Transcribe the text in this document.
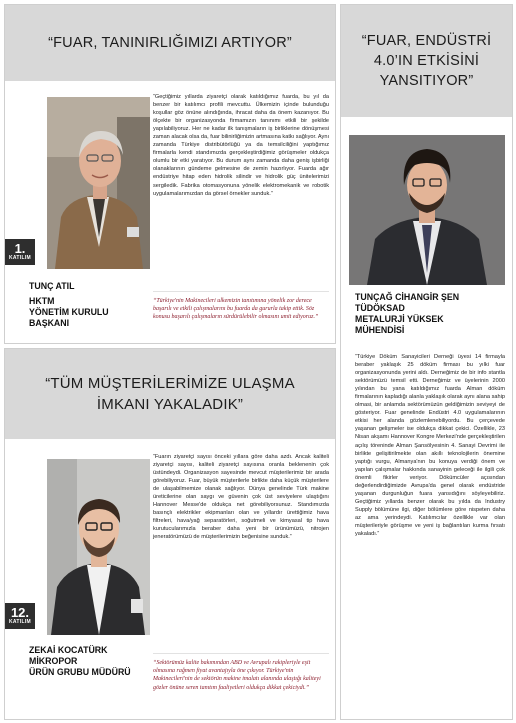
“FUAR, TANINIRLIĞIMIZI ARTIYOR”
1.
KATILIM
TUNÇ ATIL
HKTM
YÖNETİM KURULU
BAŞKANI
“Geçtiğimiz yıllarda ziyaretçi olarak katıldığımız fuarda, bu yıl da benzer bir katılımcı profili mevcuttu. Ülkemizin içinde bulunduğu koşullar göz önüne alındığında, ihracat daha da önem kazanıyor. Bu ölçekte bir organizasyonda firmamızın tanınımı etkili bir şekilde yapılabiliyoruz. Her ne kadar ilk tanışmaların iş birliklerine dönüşmesi zaman alacak olsa da, fuar bilinirliğimizin artmasına katkı sağlıyor. Aynı zamanda Türkiye distribütörlüğü ya da temsilciliğini yaptığımız firmalarla kendi standımızda gerçekleştirdiğimiz görüşmeler oldukça olumlu bir etki yaratıyor. Bu durum aynı zamanda daha geniş işbirliği olanaklarının gündeme gelmesine de zemin hazırlıyor. Fuarda ağır endüstriye hitap eden hidrolik silindir ve hidrolik güç ünitelerimizi sergiledik. Fabrika otomasyonuna yönelik elektromekanik ve robotik uygulamalarımızdan da görsel örnekler sunduk.”
“Türkiye'nin Makinecileri ulkemizin tanıtımına yönelik zor derece başarılı ve etkili çalışmalarını bu fuarda da gururla takip ettik. Söz konusu başarılı çalışmaların sürdürülebilir olmasını umit ediyoruz.”
“TÜM MÜŞTERİLERİMİZE ULAŞMA İMKANI YAKALADIK”
12.
KATILIM
ZEKAİ KOCATÜRK
MİKROPOR
ÜRÜN GRUBU MÜDÜRÜ
“Fuarın ziyaretçi sayısı önceki yıllara göre daha azdı. Ancak kaliteli ziyaretçi sayısı, kaliteli ziyaretçi sayısına oranla beklenenin çok üstündeydi. Organizasyon sayesinde mevcut müşterilerimiz bir arada görebiliyoruz. Fuar, büyük müşterilerle birlikte daha küçük müşterilere de ulaşabilmemize olanak sağlıyor. Dünya genelinde Türk makine üreticilerine olan saygı ve güvenin çok üst seviyelere ulaştığını Hannover Messe'de oldukça net görebiliyorsunuz. Standımızda basınçlı elektrikler ekipmanları olan ve yıllardır ürettiğimiz hava filtreleri, hava/yağ separatörleri, soğutmeli ve kimyasal tip hava kurutucularımızla beraber daha yeni bir ürünümüzü, nitrojen jeneratörümüzü de müşterilerimizin beğenisine sunduk.”
“Sektörümüz kalite bakımından ABD ve Avrupalı rakipleriyle eşit olmasına rağmen fiyat avantajıyla öne çıkıyor. Türkiye'nin Makinecileri'nin de sektörün makine imalatı alanında ulaştığı kaliteyi gözler önüne seren tanıtım faaliyetleri oldukça dikkat çekiciydi.”
“FUAR, ENDÜSTRİ 4.0’IN ETKİSİNİ YANSITIYOR”
TUNÇAĞ CİHANGİR ŞEN
TÜDÖKSAD
METALURJİ YÜKSEK
MÜHENDİSİ
“Türkiye Döküm Sanayicileri Derneği üyesi 14 firmayla beraber yaklaşık 25 döküm firması bu yılki fuar organizasyonunda yerini aldı. Derneğimiz de bir info stantla sektörümüzü temsil etti. Derneğimiz ve üyelerinin 2000 yılından bu yana katıldığımız fuarda Alman döküm firmalarının kapladığı alanla yaklaşık olarak aynı alana sahip olmasi, bir anlamda sektörümüzün geldiğimizin seviyeyi de gösteriyor. Fuar genelinde Endüstri 4.0 uygulamalarının etkisi her alanda gözlemlenebiliyordu. Bu çerçevede yaşanan gelişmeler ise oldukça dikkat çekici. Özellikle, 23 Nisan akşamı Hannover Kongre Merkezi'nde gerçekleştirilen açılış töreninde Alman Şansölyesinin 4. Sanayi Devrimi ile birlikte gelişitirilmekte olan akıllı teknolojilerin önemine yaptığı vurgu, Almanya'nın bu konuya verdiği önem ve yapılan çalışmalar hakkında sanayinin geleceği ile ilgili çok önemli fikirler veriyor. Dökümcüler açısından değerlendirdiğimizde Avrupa'da genel olarak endüstride yaşanan durgunluğun fuara yansıdığını söyleyebiliriz. Geçtiğimiz yıllarda benzer olarak bu yılda da Industry Supply bölümüne ilgi, diğer bölümlere göre nispeten daha az ama yerindeydi. Katılımcılar özellikle var olan müşterileriyle görüşme ve yeni iş bağlantıları kurma fırsatı yakaladı.”
